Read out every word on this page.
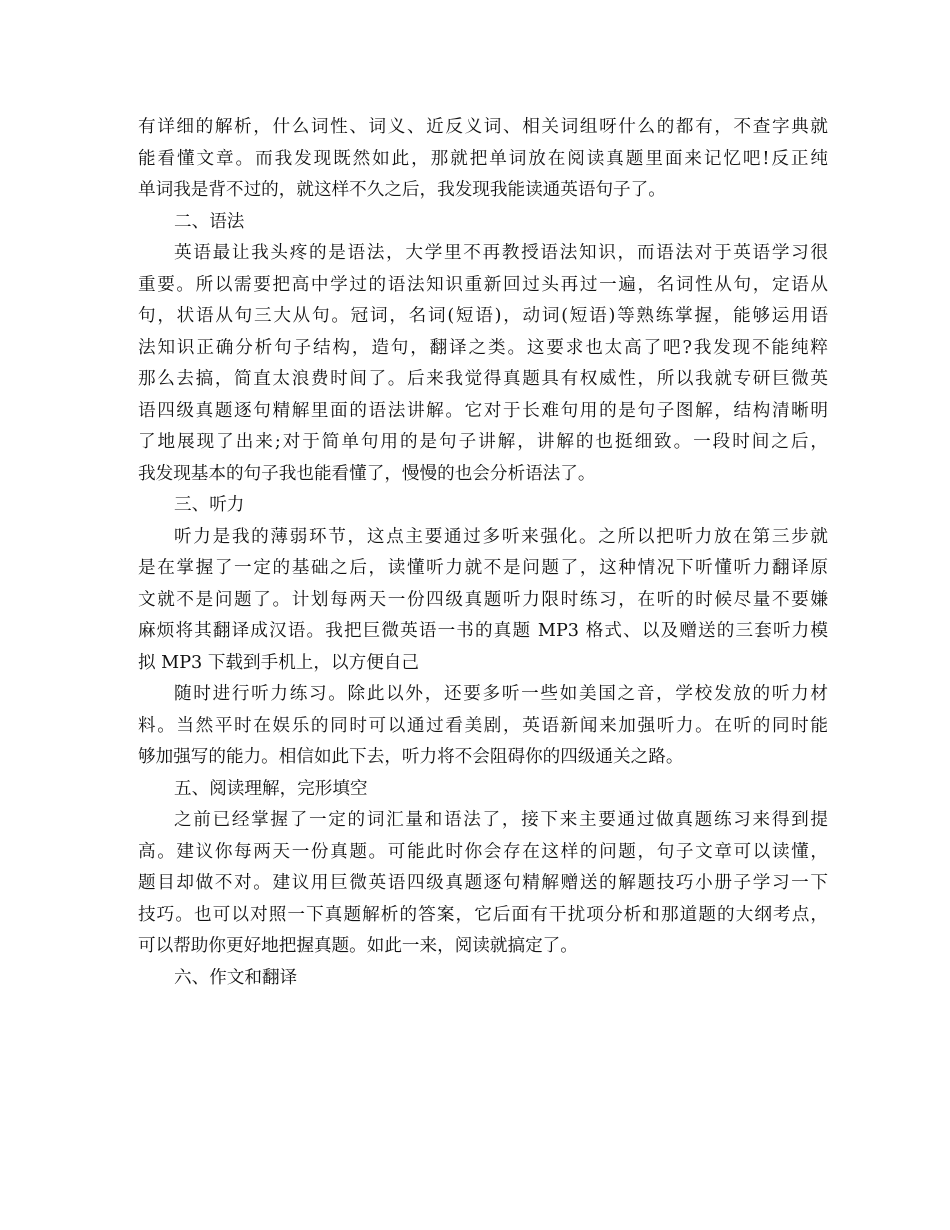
有详细的解析，什么词性、词义、近反义词、相关词组呀什么的都有，不查字典就
能看懂文章。而我发现既然如此，那就把单词放在阅读真题里面来记忆吧!反正纯
单词我是背不过的，就这样不久之后，我发现我能读通英语句子了。
二、语法
英语最让我头疼的是语法，大学里不再教授语法知识，而语法对于英语学习很
重要。所以需要把高中学过的语法知识重新回过头再过一遍，名词性从句，定语从
句，状语从句三大从句。冠词，名词(短语)，动词(短语)等熟练掌握，能够运用语
法知识正确分析句子结构，造句，翻译之类。这要求也太高了吧?我发现不能纯粹
那么去搞，简直太浪费时间了。后来我觉得真题具有权威性，所以我就专研巨微英
语四级真题逐句精解里面的语法讲解。它对于长难句用的是句子图解，结构清晰明
了地展现了出来;对于简单句用的是句子讲解，讲解的也挺细致。一段时间之后，
我发现基本的句子我也能看懂了，慢慢的也会分析语法了。
三、听力
听力是我的薄弱环节，这点主要通过多听来强化。之所以把听力放在第三步就
是在掌握了一定的基础之后，读懂听力就不是问题了，这种情况下听懂听力翻译原
文就不是问题了。计划每两天一份四级真题听力限时练习，在听的时候尽量不要嫌
麻烦将其翻译成汉语。我把巨微英语一书的真题 MP3 格式、以及赠送的三套听力模
拟 MP3 下载到手机上，以方便自己
随时进行听力练习。除此以外，还要多听一些如美国之音，学校发放的听力材
料。当然平时在娱乐的同时可以通过看美剧，英语新闻来加强听力。在听的同时能
够加强写的能力。相信如此下去，听力将不会阻碍你的四级通关之路。
五、阅读理解，完形填空
之前已经掌握了一定的词汇量和语法了，接下来主要通过做真题练习来得到提
高。建议你每两天一份真题。可能此时你会存在这样的问题，句子文章可以读懂，
题目却做不对。建议用巨微英语四级真题逐句精解赠送的解题技巧小册子学习一下
技巧。也可以对照一下真题解析的答案，它后面有干扰项分析和那道题的大纲考点，
可以帮助你更好地把握真题。如此一来，阅读就搞定了。
六、作文和翻译
